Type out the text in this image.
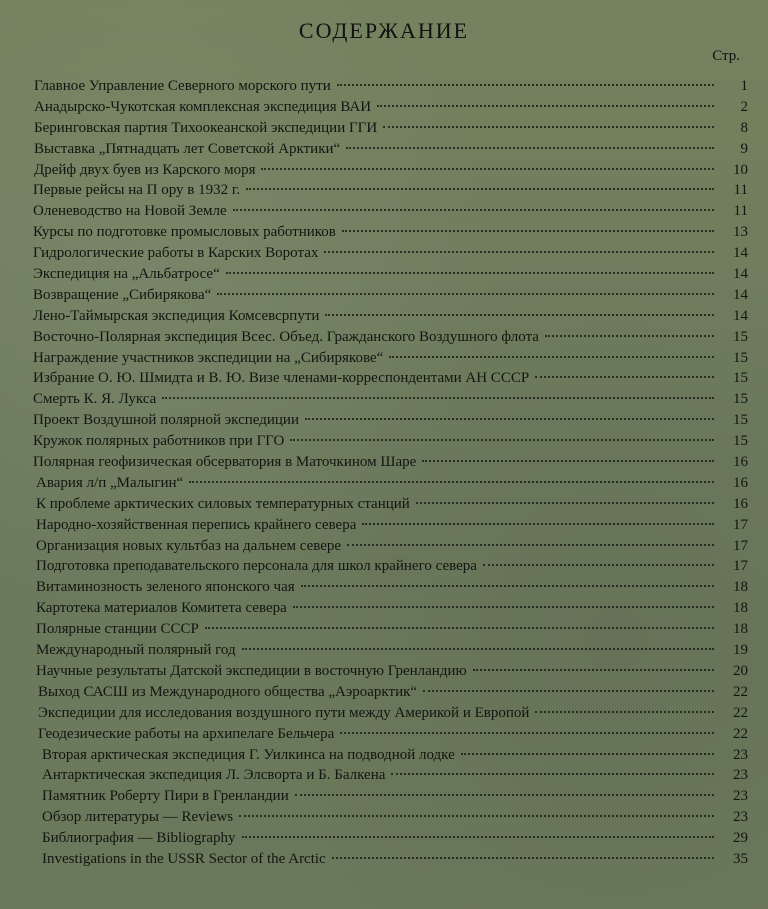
СОДЕРЖАНИЕ
Стр.
Главное Управление Северного морского пути	1
Анадырско-Чукотская комплексная экспедиция ВАИ	2
Беринговская партия Тихоокеанской экспедиции ГГИ	8
Выставка „Пятнадцать лет Советской Арктики“	9
Дрейф двух буев из Карского моря	10
Первые рейсы на П ору в 1932 г.	11
Оленеводство на Новой Земле	11
Курсы по подготовке промысловых работников	13
Гидрологические работы в Карских Воротах	14
Экспедиция на „Альбатросе“	14
Возвращение „Сибирякова“	14
Лено-Таймырская экспедиция Комсевсрпути	14
Восточно-Полярная экспедиция Всес. Объед. Гражданского Воздушного флота	15
Награждение участников экспедиции на „Сибирякове“	15
Избрание О. Ю. Шмидта и В. Ю. Визе членами-корреспондентами АН СССР	15
Смерть К. Я. Лукса	15
Проект Воздушной полярной экспедиции	15
Кружок полярных работников при ГГО	15
Полярная геофизическая обсерватория в Маточкином Шаре	16
Авария л/п „Малыгин“	16
К проблеме арктических силовых температурных станций	16
Народно-хозяйственная перепись крайнего севера	17
Организация новых культбаз на дальнем севере	17
Подготовка преподавательского персонала для школ крайнего севера	17
Витаминозность зеленого японского чая	18
Картотека материалов Комитета севера	18
Полярные станции СССР	18
Международный полярный год	19
Научные результаты Датской экспедиции в восточную Гренландию	20
Выход САСШ из Международного общества „Аэроарктик“	22
Экспедиции для исследования воздушного пути между Америкой и Европой	22
Геодезические работы на архипелаге Бельчера	22
Вторая арктическая экспедиция Г. Уилкинса на подводной лодке	23
Антарктическая экспедиция Л. Элсворта и Б. Балкена	23
Памятник Роберту Пири в Гренландии	23
Обзор литературы — Reviews	23
Библиография — Bibliography	29
Investigations in the USSR Sector of the Arctic	35
